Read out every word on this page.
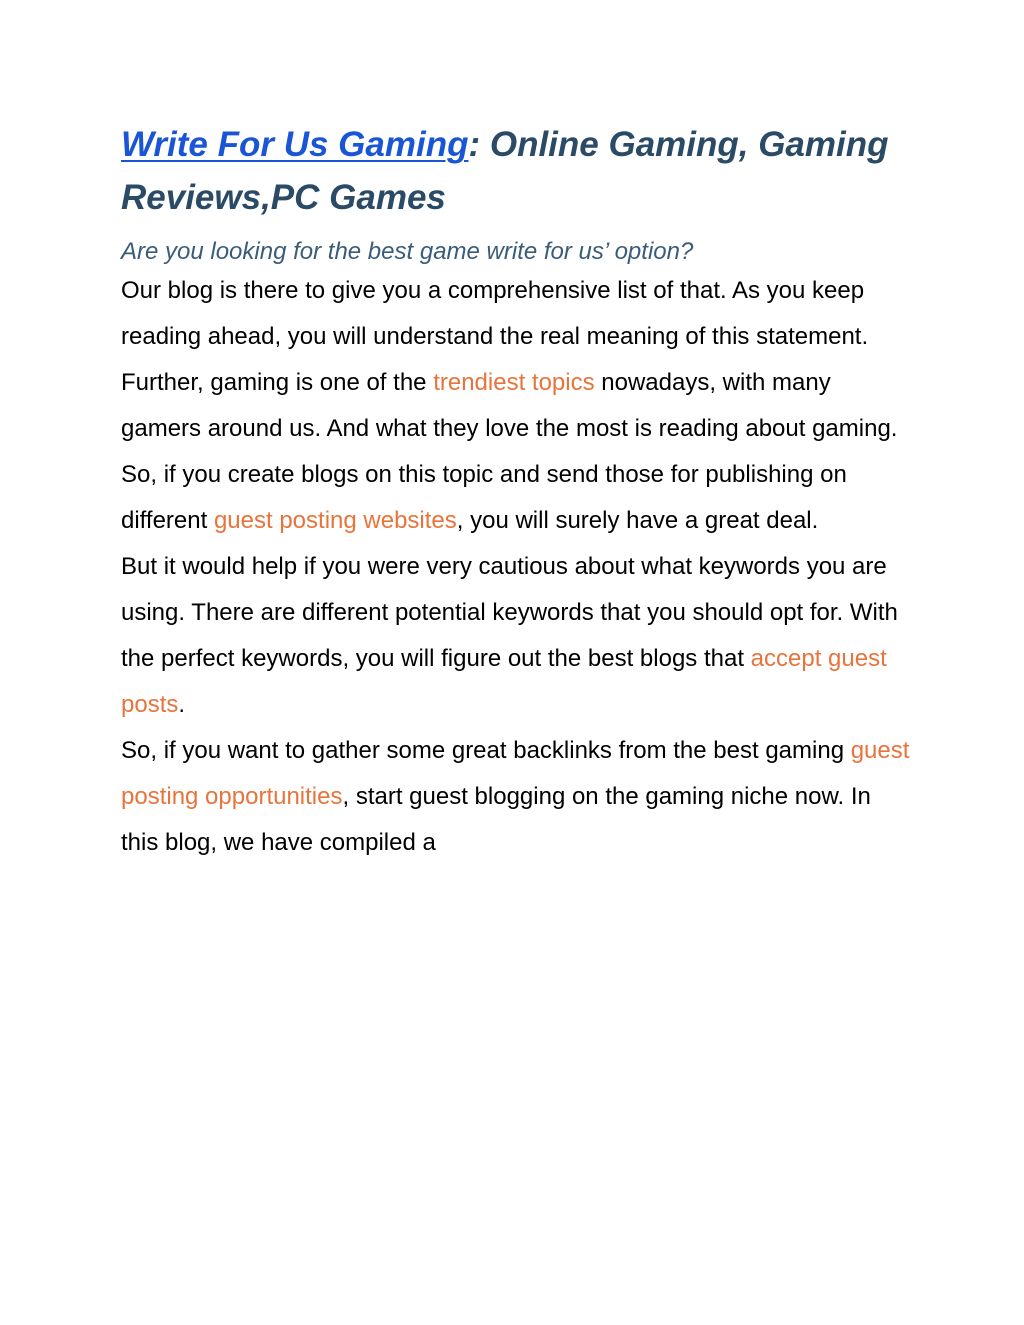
Write For Us Gaming: Online Gaming, Gaming Reviews,PC Games
Are you looking for the best game write for us’ option?

Our blog is there to give you a comprehensive list of that. As you keep reading ahead, you will understand the real meaning of this statement. Further, gaming is one of the trendiest topics nowadays, with many gamers around us. And what they love the most is reading about gaming. So, if you create blogs on this topic and send those for publishing on different guest posting websites, you will surely have a great deal.

But it would help if you were very cautious about what keywords you are using. There are different potential keywords that you should opt for. With the perfect keywords, you will figure out the best blogs that accept guest posts.

So, if you want to gather some great backlinks from the best gaming guest posting opportunities, start guest blogging on the gaming niche now. In this blog, we have compiled a
